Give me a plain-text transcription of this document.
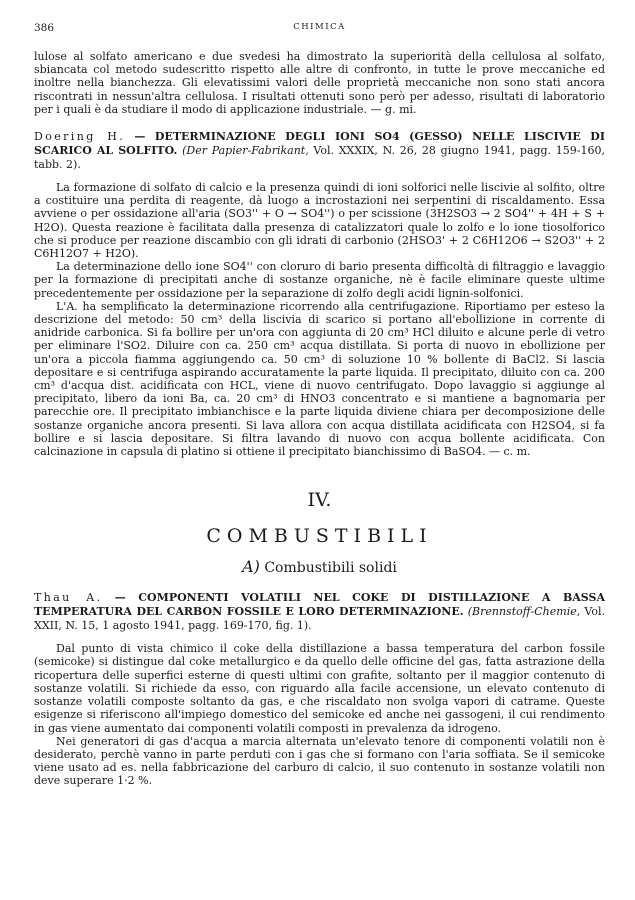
386	CHIMICA

lulose al solfato americano e due svedesi ha dimostrato la superiorità della cellulosa al solfato, sbiancata col metodo sudescritto rispetto alle altre di confronto, in tutte le prove meccaniche ed inoltre nella bianchezza. Gli elevatissimi valori delle proprietà meccaniche non sono stati ancora riscontrati in nessun'altra cellulosa. I risultati ottenuti sono però per adesso, risultati di laboratorio per i quali è da studiare il modo di applicazione industriale. — g. mi.

Doering H. — DETERMINAZIONE DEGLI IONI SO4 (GESSO) NELLE LISCIVIE DI SCARICO AL SOLFITO. (Der Papier-Fabrikant, Vol. XXXIX, N. 26, 28 giugno 1941, pagg. 159-160, tabb. 2).

La formazione di solfato di calcio e la presenza quindi di ioni solforici nelle liscivie al solfito, oltre a costituire una perdita di reagente, dà luogo a incrostazioni nei serpentini di riscaldamento. Essa avviene o per ossidazione all'aria (SO3'' + O → SO4'') o per scissione (3H2SO3 → 2 SO4'' + 4H + S + H2O). Questa reazione è facilitata dalla presenza di catalizzatori quale lo zolfo e lo ione tiosolforico che si produce per reazione discambio con gli idrati di carbonio (2HSO3' + 2 C6H12O6 → S2O3'' + 2 C6H12O7 + H2O).

La determinazione dello ione SO4'' con cloruro di bario presenta difficoltà di filtraggio e lavaggio per la formazione di precipitati anche di sostanze organiche, nè è facile eliminare queste ultime precedentemente per ossidazione per la separazione di zolfo degli acidi lignin-solfonici.

L'A. ha semplificato la determinazione ricorrendo alla centrifugazione. Riportiamo per esteso la descrizione del metodo: 50 cm³ della liscivia di scarico si portano all'ebollizione in corrente di anidride carbonica. Si fa bollire per un'ora con aggiunta di 20 cm³ HCl diluito e alcune perle di vetro per eliminare l'SO2. Diluire con ca. 250 cm³ acqua distillata. Si porta di nuovo in ebollizione per un'ora a piccola fiamma aggiungendo ca. 50 cm³ di soluzione 10 % bollente di BaCl2. Si lascia depositare e si centrifuga aspirando accuratamente la parte liquida. Il precipitato, diluito con ca. 200 cm³ d'acqua dist. acidificata con HCL, viene di nuovo centrifugato. Dopo lavaggio si aggiunge al precipitato, libero da ioni Ba, ca. 20 cm³ di HNO3 concentrato e si mantiene a bagnomaria per parecchie ore. Il precipitato imbianchisce e la parte liquida diviene chiara per decomposizione delle sostanze organiche ancora presenti. Si lava allora con acqua distillata acidificata con H2SO4, si fa bollire e si lascia depositare. Si filtra lavando di nuovo con acqua bollente acidificata. Con calcinazione in capsula di platino si ottiene il precipitato bianchissimo di BaSO4. — c. m.

IV.

COMBUSTIBILI

A) Combustibili solidi

Thau A. — COMPONENTI VOLATILI NEL COKE DI DISTILLAZIONE A BASSA TEMPERATURA DEL CARBON FOSSILE E LORO DETERMINAZIONE. (Brennstoff-Chemie, Vol. XXII, N. 15, 1 agosto 1941, pagg. 169-170, fig. 1).

Dal punto di vista chimico il coke della distillazione a bassa temperatura del carbon fossile (semicoke) si distingue dal coke metallurgico e da quello delle officine del gas, fatta astrazione della ricopertura delle superfici esterne di questi ultimi con grafite, soltanto per il maggior contenuto di sostanze volatili. Si richiede da esso, con riguardo alla facile accensione, un elevato contenuto di sostanze volatili composte soltanto da gas, e che riscaldato non svolga vapori di catrame. Queste esigenze si riferiscono all'impiego domestico del semicoke ed anche nei gassogeni, il cui rendimento in gas viene aumentato dai componenti volatili composti in prevalenza da idrogeno.

Nei generatori di gas d'acqua a marcia alternata un'elevato tenore di componenti volatili non è desiderato, perchè vanno in parte perduti con i gas che si formano con l'aria soffiata. Se il semicoke viene usato ad es. nella fabbricazione del carburo di calcio, il suo contenuto in sostanze volatili non deve superare 1·2 %.
